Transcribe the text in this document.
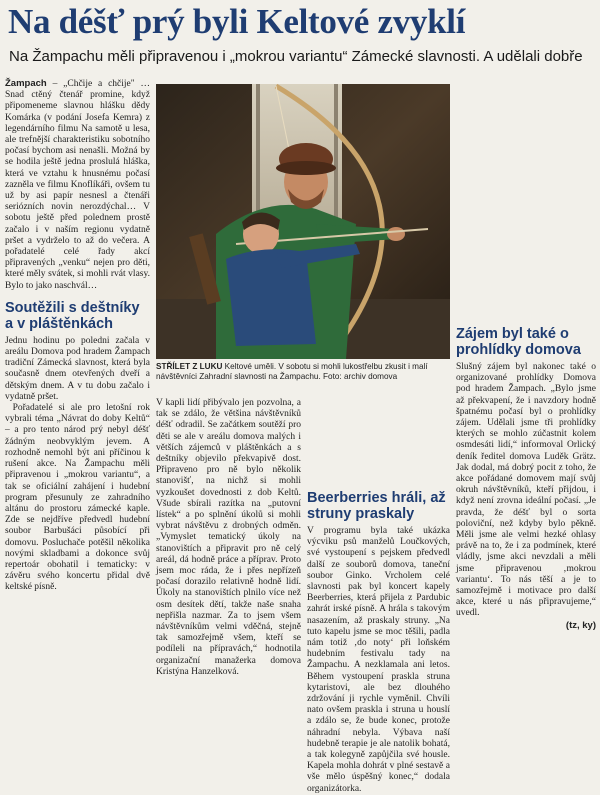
Na déšť prý byli Keltové zvyklí
Na Žampachu měli připravenou i „mokrou variantu“ Zámecké slavnosti. A udělali dobře

Žampach – „Chčije a chčije" … Snad ctěný čtenář promine, když připomeneme slavnou hlášku dědy Komárka (v podání Josefa Kemra) z legendárního filmu Na samotě u lesa, ale trefnější charakteristiku sobotního počasí bychom asi nenašli. Možná by se hodila ještě jedna proslulá hláška, která ve vztahu k hnusnému počasí zazněla ve filmu Knoflíkáři, ovšem tu už by asi papír nesnesl a čtenáři seriózních novin nerozdýchal… V sobotu ještě před polednem prostě začalo i v naším regionu vydatně pršet a vydrželo to až do večera. A pořadatelé celé řady akcí připravených „venku“ nejen pro děti, které měly svátek, si mohli rvát vlasy. Bylo to jako naschvál…

Soutěžili s deštníky a v pláštěnkách

Jednu hodinu po poledni začala v areálu Domova pod hradem Žampach tradiční Zámecká slavnost, která byla současně dnem otevřených dveří a dětským dnem. A v tu dobu začalo i vydatně pršet.

Pořadatelé si ale pro letošní rok vybrali téma „Návrat do doby Keltů“ – a pro tento národ prý nebyl déšť žádným neobvyklým jevem. A rozhodně nemohl být ani příčinou k rušení akce. Na Žampachu měli připravenou i „mokrou variantu“, a tak se oficiální zahájení i hudební program přesunuly ze zahradního altánu do prostoru zámecké kaple. Zde se nejdříve předvedl hudební soubor Barbušáci působící při domovu. Posluchače potěšil několika novými skladbami a dokonce svůj repertoár obohatil i tematicky: v závěru svého koncertu přidal dvě keltské písně.

STŘÍLET Z LUKU Keltové uměli. V sobotu si mohli lukostřelbu zkusit i malí návštěvníci Zahradní slavnosti na Žampachu. Foto: archiv domova

V kapli lidí přibývalo jen pozvolna, a tak se zdálo, že většina návštěvníků déšť odradil. Se začátkem soutěží pro děti se ale v areálu domova malých i větších zájemců v pláštěnkách a s deštníky objevilo překvapivě dost. Připraveno pro ně bylo několik stanovišť, na nichž si mohli vyzkoušet dovednosti z dob Keltů. Všude sbírali razítka na „putovní lístek“ a po splnění úkolů si mohli vybrat návštěvu z drobných odměn. „Vymyslet tematický úkoly na stanovištích a připravit pro ně celý areál, dá hodně práce a příprav. Proto jsem moc ráda, že i přes nepřízeň počasí dorazilo relativně hodně lidí. Úkoly na stanovištích plnilo více než osm desítek dětí, takže naše snaha nepřišla nazmar. Za to jsem všem návštěvníkům velmi vděčná, stejně tak samozřejmě všem, kteří se podíleli na přípravách,“ hodnotila organizační manažerka domova Kristýna Hanzelková.

Beerberries hráli, až struny praskaly

V programu byla také ukázka výcviku psů manželů Loučkových, své vystoupení s pejskem předvedl další ze souborů domova, taneční soubor Ginko. Vrcholem celé slavnosti pak byl koncert kapely Beerberries, která přijela z Pardubic zahrát irské písně. A hrála s takovým nasazením, až praskaly struny. „Na tuto kapelu jsme se moc těšili, padla nám totiž ‚do noty‘ při loňském hudebním festivalu tady na Žampachu. A nezklamala ani letos. Během vystoupení praskla struna kytaristovi, ale bez dlouhého zdržování ji rychle vyměnil. Chvíli nato ovšem praskla i struna u houslí a zdálo se, že bude konec, protože náhradní nebyla. Výbava naší hudebně terapie je ale natolik bohatá, a tak kolegyně zapůjčila své housle. Kapela mohla dohrát v plné sestavě a vše mělo úspěšný konec,“ dodala organizátorka.

Zájem byl také o prohlídky domova

Slušný zájem byl nakonec také o organizované prohlídky Domova pod hradem Žampach. „Bylo jsme až překvapení, že i navzdory hodně špatnému počasí byl o prohlídky zájem. Udělali jsme tři prohlídky kterých se mohlo zúčastnit kolem osmdesáti lidí,“ informoval Orlický deník ředitel domova Luděk Grätz. Jak dodal, má dobrý pocit z toho, že akce pořádané domovem mají svůj okruh návštěvníků, kteří přijdou, i když není zrovna ideální počasí. „Je pravda, že déšť byl o sorta poloviční, než kdyby bylo pěkně. Měli jsme ale velmi hezké ohlasy právě na to, že i za podmínek, které vládly, jsme akci nevzdali a měli jsme připravenou ‚mokrou variantu‘. To nás těší a je to samozřejmě i motivace pro další akce, které u nás připravujeme,“ uvedl.

(tz, ky)
